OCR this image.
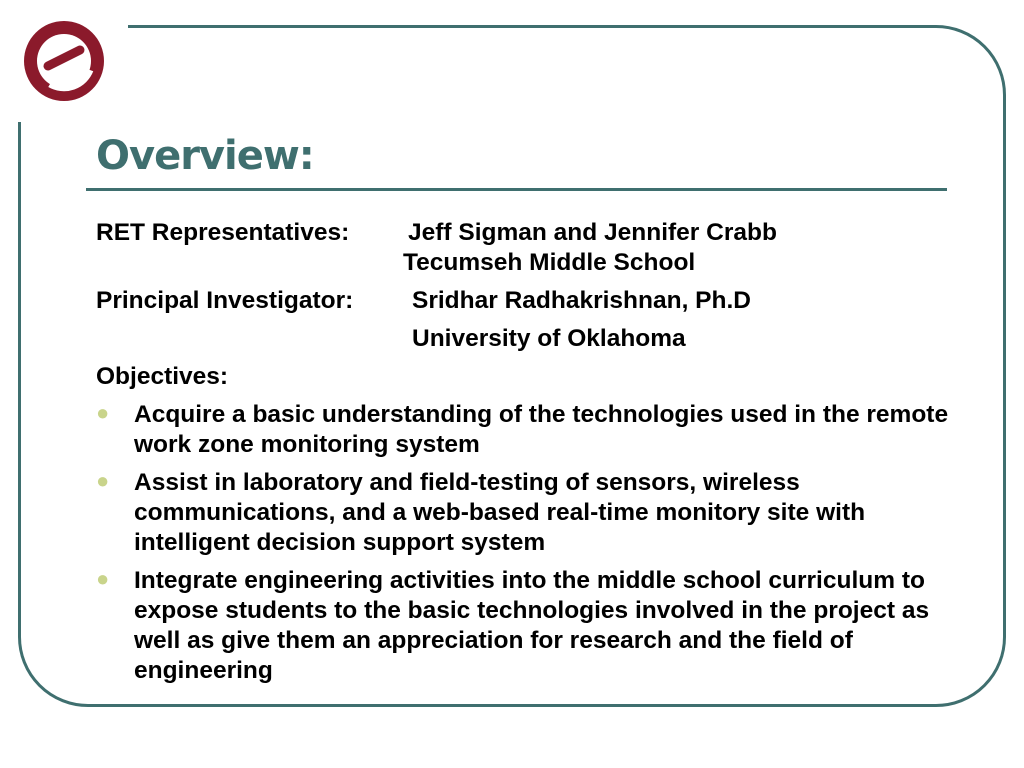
Overview:
RET Representatives: Jeff Sigman and Jennifer Crabb
Tecumseh Middle School
Principal Investigator: Sridhar Radhakrishnan, Ph.D
University of Oklahoma
Objectives:
● Acquire a basic understanding of the technologies used in the remote work zone monitoring system
● Assist in laboratory and field-testing of sensors, wireless communications, and a web-based real-time monitory site with intelligent decision support system
● Integrate engineering activities into the middle school curriculum to expose students to the basic technologies involved in the project as well as give them an appreciation for research and the field of engineering
